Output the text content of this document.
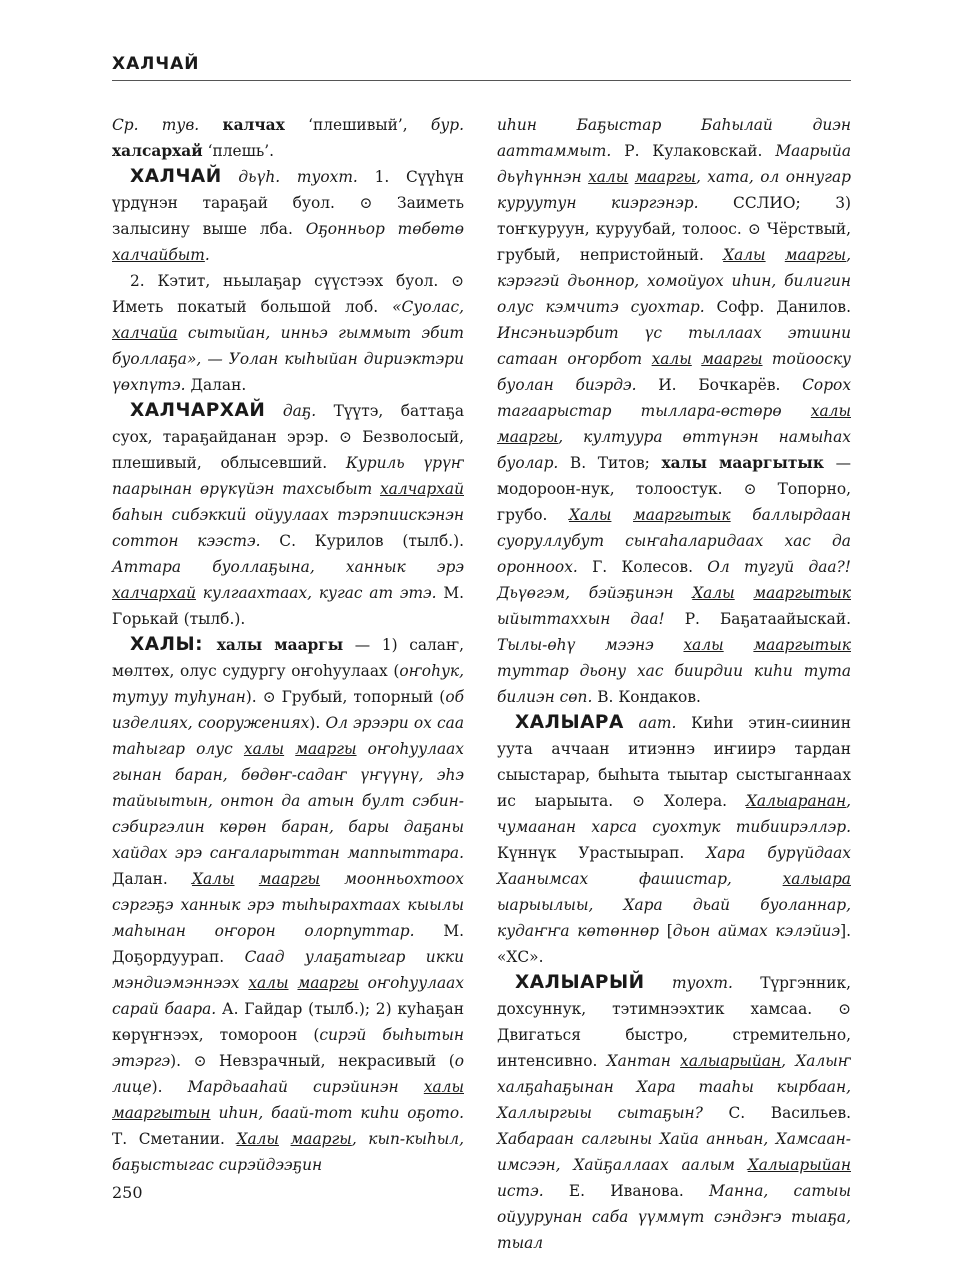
ХАЛЧАЙ

Ср. тув. калчах ‘плешивый’, бур. халсархай ‘плешь’.

ХАЛЧАЙ дьүһ. туохт. 1. Сүүһүн үрдүнэн тараҕай буол. ⊙ Заиметь залысину выше лба. Оҕонньор төбөтө халчайбыт.

2. Кэтит, ньылаҕар сүүстээх буол. ⊙ Иметь покатый большой лоб. «Суолас, халчайа сытыйан, инньэ гыммыт эбит буоллаҕа», — Уолан кыһыйан дириэктэри үөхпүтэ. Далан.

ХАЛЧАРХАЙ даҕ. Түүтэ, баттаҕа суох, тараҕайданан эрэр. ⊙ Безволосый, плешивый, облысевший. Куриль үрүҥ паарынан өрүкүйэн тахсыбыт халчархай баһын сибэккиӥ ойуулаах тэрэпиискэнэн соттон кээстэ. С. Курилов (тылб.). Аттара буоллаҕына, ханнык эрэ халчархай кулгаахтаах, кугас ат этэ. М. Горькай (тылб.).

ХАЛЫ: халы мааргы — 1) салаҥ, мөлтөх, олус судургу оҥоһуулаах (оҥоһук, тутуу туһунан). ⊙ Грубый, топорный (об изделиях, сооружениях). Ол эрээри ох саа таһыгар олус халы мааргы оҥоһуулаах гынан баран, бөдөҥ-садаҥ үҥүүнү, эһэ тайыытын, онтон да атын булт сэбин-сэбиргэлин көрөн баран, бары даҕаны хайдах эрэ саҥаларыттан маппыттара. Далан. Халы мааргы моонньохтоох сэргэҕэ ханнык эрэ тыһырахтаах кыылы маһынан оҥорон олорпуттар. М. Доҕордуурап. Саад улаҕатыгар икки мэндиэмэннээх халы мааргы оҥоһуулаах сарай баара. А. Гайдар (тылб.); 2) куһаҕан көрүҥнээх, томороон (сирэй быһытын этэргэ). ⊙ Невзрачный, некрасивый (о лице). Мардьааһай сирэйинэн халы мааргытын иһин, баай-тот киһи оҕото. Т. Сметании. Халы мааргы, кып-кыһыл, баҕыстыгас сирэйдээҕин

иһин Баҕыстар Баһылай диэн ааттаммыт. Р. Кулаковскай. Маарыйа дьүһүннэн халы мааргы, хата, ол оннугар куруутун киэргэнэр. ССЛИО; 3) тоҥкуруун, куруубай, толоос. ⊙ Чёрствый, грубый, непристойный. Халы мааргы, кэрэгэй дьоннор, хомойуох иһин, билигин олус кэмчитэ суохтар. Софр. Данилов. Инсэньиэрбит үс тыллаах этиини сатаан оҥорбот халы мааргы тойооску буолан биэрдэ. И. Бочкарёв. Сорох тагаарыстар тыллара-өстөрө халы мааргы, култуура өттүнэн намыһах буолар. В. Титов; халы мааргытык — модороон-нук, толоостук. ⊙ Топорно, грубо. Халы мааргытык баллырдаан суоруллубут сыҥаһаларидаах хас да оронноох. Г. Колесов. Ол тугуй даа?! Дьүөгэм, бэйэҕинэн Халы мааргытык ыйыттаххын даа! Р. Баҕатаайыскай. Тылы-өһү мээнэ халы мааргытык туттар дьону хас биирдии киһи тута билиэн сөп. В. Кондаков.

ХАЛЫАРА аат. Киһи этин-сиинин уута аччаан итиэннэ иҥиирэ тардан сыыстарар, быһыта тыытар сыстыганнаах ис ыарыыта. ⊙ Холера. Халыаранан, чумаанан харса суохтук тибиирэллэр. Күннүк Урастыырап. Хара бурүйдаах Хаанымсах фашистар, халыара ыарыылыы, Хара дьай буоланнар, кудаҥҥа көтөннөр [дьон аймах кэлэйиэ]. «ХС».

ХАЛЫАРЫЙ туохт. Түргэнник, дохсуннук, тэтимнээхтик хамсаа. ⊙ Двигаться быстро, стремительно, интенсивно. Хантан халыарыйан, Халыҥ халҕаһаҕынан Хара тааһы кырбаан, Халлыргыы сытаҕын? С. Васильев. Хабараан салгыны Хайа анньан, Хамсаан-имсээн, Хайҕаллаах аалым Халыарыйан истэ. Е. Иванова. Манна, сатыы ойуурунан саба үүммүт сэндэҥэ тыаҕа, тыал

250
